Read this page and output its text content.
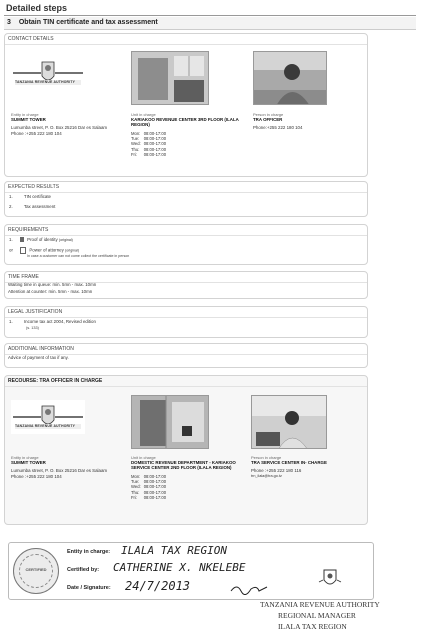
Detailed steps
3 Obtain TIN certificate and tax assessment
CONTACT DETAILS
TANZANIA REVENUE AUTHORITY
Entity in charge
SUMMIT TOWER
Lumumba street, P. O. Box 25216 Dar es Salaam
Phone :+255 222 180 104
Unit in charge
KARIAKOO REVENUE CENTER 3RD FLOOR (ILALA REGION)
Mon:	08:00-17:00
Tue:	08:00-17:00
Wed:	08:00-17:00
Thu:	08:00-17:00
Fri:	08:00-17:00
Person in charge
TRA OFFICER
Phone:+255 222 180 104
EXPECTED RESULTS
1.	TIN certificate
2.	Tax assessment
REQUIREMENTS
1.	Proof of identity (original)
or	Power of attorney (original)
In case a customer can not come collect the certificate in person
TIME FRAME
Waiting time in queue: min. 5mn - max. 10mn
Attention at counter: min. 5mn - max. 10mn
LEGAL JUSTIFICATION
1.	Income tax act 2004, Revised edition
(s. 133)
ADDITIONAL INFORMATION
Advice of payment of tax if any.
RECOURSE: TRA OFFICER IN CHARGE
TANZANIA REVENUE AUTHORITY
Entity in charge
SUMMIT TOWER
Lumumba street, P. O. Box 25216 Dar es Salaam
Phone :+255 222 180 104
Unit in charge
DOMESTIC REVENUE DEPARTMENT - KARIAKOO SERVICE CENTER 2ND FLOOR (ILALA REGION)
Mon:	08:00-17:00
Tue:	08:00-17:00
Wed:	08:00-17:00
Thu:	08:00-17:00
Fri:	08:00-17:00
Person in charge
TRA SERVICE CENTER IN- CHARGE
Phone :+255 222 180 116
trn_ilala@tra.go.tz
CERTIFIED
Entity in charge: ILALA TAX REGION
Certified by: CATHERINE X. NKELEBE
Date / Signature: 24/7/2013
TANZANIA REVENUE AUTHORITY
REGIONAL MANAGER
ILALA TAX REGION
